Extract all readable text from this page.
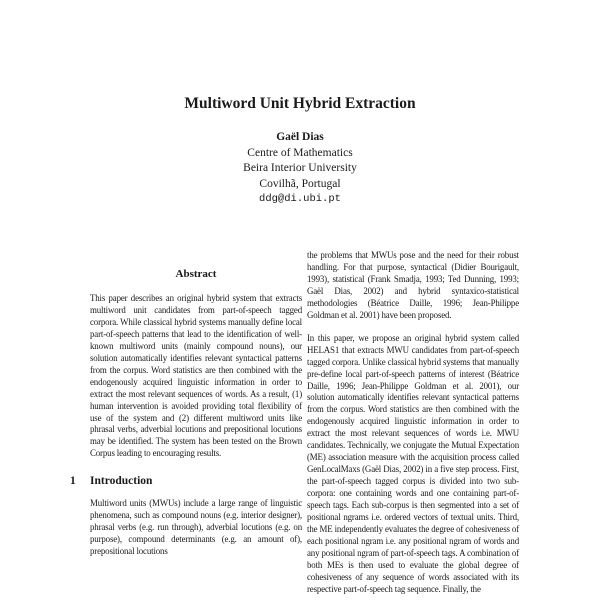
Multiword Unit Hybrid Extraction
Gaël Dias
Centre of Mathematics
Beira Interior University
Covilhã, Portugal
ddg@di.ubi.pt
Abstract

This paper describes an original hybrid system that extracts multiword unit candidates from part-of-speech tagged corpora. While classical hybrid systems manually define local part-of-speech patterns that lead to the identification of well-known multiword units (mainly compound nouns), our solution automatically identifies relevant syntactical patterns from the corpus. Word statistics are then combined with the endogenously acquired linguistic information in order to extract the most relevant sequences of words. As a result, (1) human intervention is avoided providing total flexibility of use of the system and (2) different multiword units like phrasal verbs, adverbial locutions and prepositional locutions may be identified. The system has been tested on the Brown Corpus leading to encouraging results.

1 Introduction

Multiword units (MWUs) include a large range of linguistic phenomena, such as compound nouns (e.g. interior designer), phrasal verbs (e.g. run through), adverbial locutions (e.g. on purpose), compound determinants (e.g. an amount of), prepositional locutions

the problems that MWUs pose and the need for their robust handling. For that purpose, syntactical (Didier Bourigault, 1993), statistical (Frank Smadja, 1993; Ted Dunning, 1993; Gaël Dias, 2002) and hybrid syntaxico-statistical methodologies (Béatrice Daille, 1996; Jean-Philippe Goldman et al. 2001) have been proposed.

In this paper, we propose an original hybrid system called HELAS1 that extracts MWU candidates from part-of-speech tagged corpora. Unlike classical hybrid systems that manually pre-define local part-of-speech patterns of interest (Béatrice Daille, 1996; Jean-Philippe Goldman et al. 2001), our solution automatically identifies relevant syntactical patterns from the corpus. Word statistics are then combined with the endogenously acquired linguistic information in order to extract the most relevant sequences of words i.e. MWU candidates. Technically, we conjugate the Mutual Expectation (ME) association measure with the acquisition process called GenLocalMaxs (Gaël Dias, 2002) in a five step process. First, the part-of-speech tagged corpus is divided into two sub-corpora: one containing words and one containing part-of-speech tags. Each sub-corpus is then segmented into a set of positional ngrams i.e. ordered vectors of textual units. Third, the ME independently evaluates the degree of cohesiveness of each positional ngram i.e. any positional ngram of words and any positional ngram of part-of-speech tags. A combination of both MEs is then used to evaluate the global degree of cohesiveness of any sequence of words associated with its respective part-of-speech tag sequence. Finally, the
